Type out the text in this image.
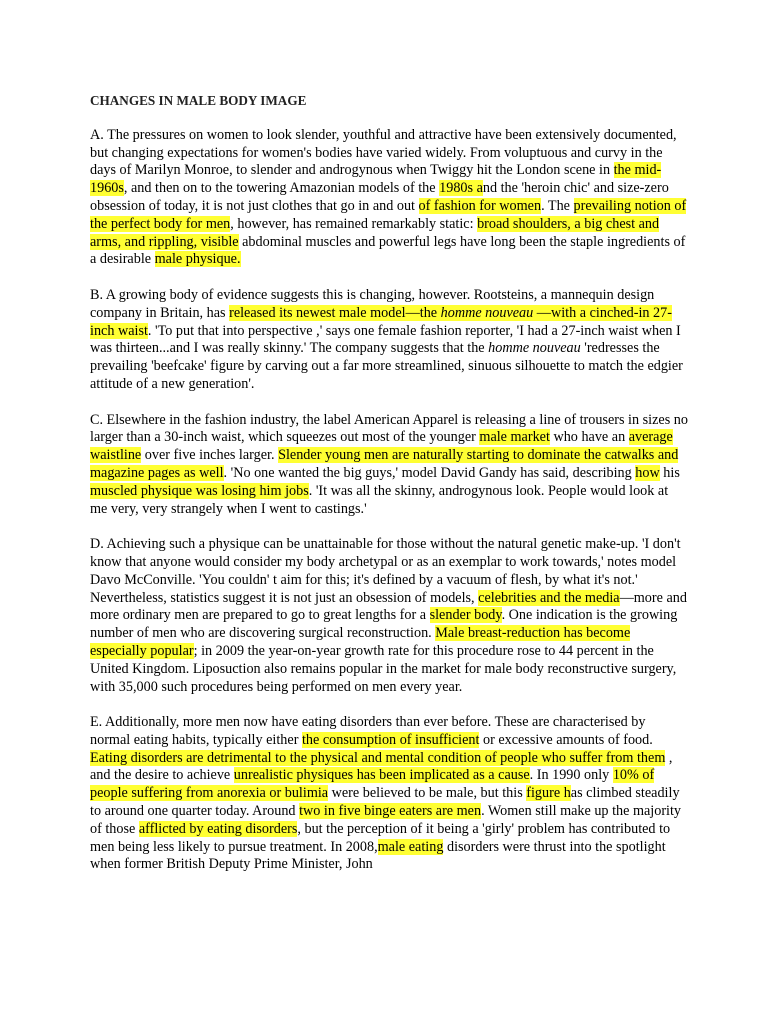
CHANGES IN MALE BODY IMAGE

A. The pressures on women to look slender, youthful and attractive have been extensively documented, but changing expectations for women's bodies have varied widely. From voluptuous and curvy in the days of Marilyn Monroe, to slender and androgynous when Twiggy hit the London scene in the mid-1960s, and then on to the towering Amazonian models of the 1980s and the 'heroin chic' and size-zero obsession of today, it is not just clothes that go in and out of fashion for women. The prevailing notion of the perfect body for men, however, has remained remarkably static: broad shoulders, a big chest and arms, and rippling, visible abdominal muscles and powerful legs have long been the staple ingredients of a desirable male physique.

B. A growing body of evidence suggests this is changing, however. Rootsteins, a mannequin design company in Britain, has released its newest male model—the homme nouveau —with a cinched-in 27-inch waist. 'To put that into perspective ,' says one female fashion reporter, 'I had a 27-inch waist when I was thirteen...and I was really skinny.' The company suggests that the homme nouveau 'redresses the prevailing 'beefcake' figure by carving out a far more streamlined, sinuous silhouette to match the edgier attitude of a new generation'.

C. Elsewhere in the fashion industry, the label American Apparel is releasing a line of trousers in sizes no larger than a 30-inch waist, which squeezes out most of the younger male market who have an average waistline over five inches larger. Slender young men are naturally starting to dominate the catwalks and magazine pages as well. 'No one wanted the big guys,' model David Gandy has said, describing how his muscled physique was losing him jobs. 'It was all the skinny, androgynous look. People would look at me very, very strangely when I went to castings.'

D. Achieving such a physique can be unattainable for those without the natural genetic make-up. 'I don't know that anyone would consider my body archetypal or as an exemplar to work towards,' notes model Davo McConville. 'You couldn' t aim for this; it's defined by a vacuum of flesh, by what it's not.' Nevertheless, statistics suggest it is not just an obsession of models, celebrities and the media—more and more ordinary men are prepared to go to great lengths for a slender body. One indication is the growing number of men who are discovering surgical reconstruction. Male breast-reduction has become especially popular; in 2009 the year-on-year growth rate for this procedure rose to 44 percent in the United Kingdom. Liposuction also remains popular in the market for male body reconstructive surgery, with 35,000 such procedures being performed on men every year.

E. Additionally, more men now have eating disorders than ever before. These are characterised by normal eating habits, typically either the consumption of insufficient or excessive amounts of food. Eating disorders are detrimental to the physical and mental condition of people who suffer from them , and the desire to achieve unrealistic physiques has been implicated as a cause. In 1990 only 10% of people suffering from anorexia or bulimia were believed to be male, but this figure has climbed steadily to around one quarter today. Around two in five binge eaters are men. Women still make up the majority of those afflicted by eating disorders, but the perception of it being a 'girly' problem has contributed to men being less likely to pursue treatment. In 2008,male eating disorders were thrust into the spotlight when former British Deputy Prime Minister, John
